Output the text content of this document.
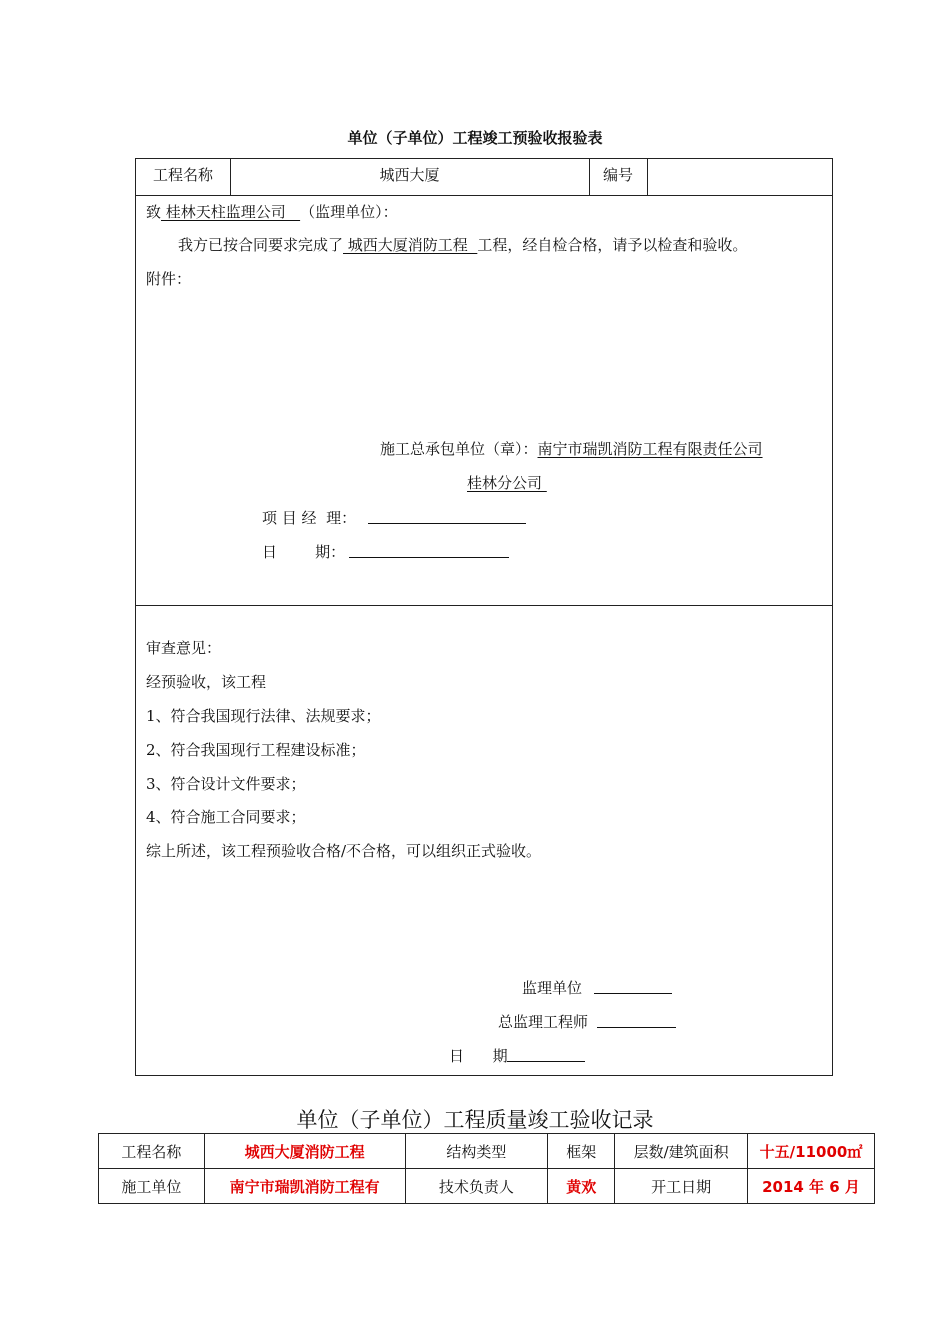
单位（子单位）工程竣工预验收报验表
工程名称	城西大厦	编号
致 桂林天柱监理公司   （监理单位）：
我方已按合同要求完成了 城西大厦消防工程  工程，经自检合格，请予以检查和验收。
附件：
施工总承包单位（章）：南宁市瑞凯消防工程有限责任公司
桂林分公司
项 目 经  理：
日        期：
审查意见：
经预验收，该工程
1、符合我国现行法律、法规要求；
2、符合我国现行工程建设标准；
3、符合设计文件要求；
4、符合施工合同要求；
综上所述，该工程预验收合格/不合格，可以组织正式验收。
监理单位
总监理工程师
日      期
单位（子单位）工程质量竣工验收记录
工程名称	城西大厦消防工程	结构类型	框架	层数/建筑面积	十五/11000㎡
施工单位	南宁市瑞凯消防工程有	技术负责人	黄欢	开工日期	2014 年 6 月
